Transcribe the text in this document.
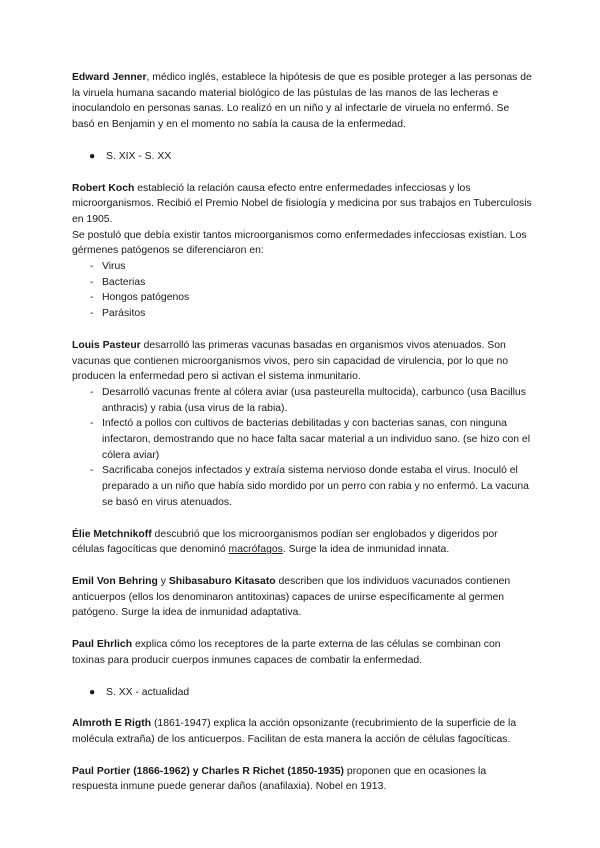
Edward Jenner, médico inglés, establece la hipótesis de que es posible proteger a las personas de la viruela humana sacando material biológico de las pústulas de las manos de las lecheras e inoculandolo en personas sanas. Lo realizó en un niño y al infectarle de viruela no enfermó. Se basó en Benjamin y en el momento no sabía la causa de la enfermedad.

●	S. XIX - S. XX

Robert Koch estableció la relación causa efecto entre enfermedades infecciosas y los microorganismos. Recibió el Premio Nobel de fisiología y medicina por sus trabajos en Tuberculosis en 1905.

Se postuló que debía existir tantos microorganismos como enfermedades infecciosas existían. Los gérmenes patógenos se diferenciaron en:

- Virus
- Bacterias
- Hongos patógenos
- Parásitos

Louis Pasteur desarrolló las primeras vacunas basadas en organismos vivos atenuados. Son vacunas que contienen microorganismos vivos, pero sin capacidad de virulencia, por lo que no producen la enfermedad pero si activan el sistema inmunitario.

- Desarrolló vacunas frente al cólera aviar (usa pasteurella multocida), carbunco (usa Bacillus anthracis) y rabia (usa virus de la rabia).
- Infectó a pollos con cultivos de bacterias debilitadas y con bacterias sanas, con ninguna infectaron, demostrando que no hace falta sacar material a un individuo sano. (se hizo con el cólera aviar)
- Sacrificaba conejos infectados y extraía sistema nervioso donde estaba el virus. Inoculó el preparado a un niño que había sido mordido por un perro con rabia y no enfermó. La vacuna se basó en virus atenuados.

Élie Metchnikoff descubrió que los microorganismos podían ser englobados y digeridos por células fagocíticas que denominó macrófagos. Surge la idea de inmunidad innata.

Emil Von Behring y Shibasaburo Kitasato describen que los individuos vacunados contienen anticuerpos (ellos los denominaron antitoxinas) capaces de unirse específicamente al germen patógeno. Surge la idea de inmunidad adaptativa.

Paul Ehrlich explica cómo los receptores de la parte externa de las células se combinan con toxinas para producir cuerpos inmunes capaces de combatir la enfermedad.

●	S. XX - actualidad

Almroth E Rigth (1861-1947) explica la acción opsonizante (recubrimiento de la superficie de la molécula extraña) de los anticuerpos. Facilitan de esta manera la acción de células fagocíticas.

Paul Portier (1866-1962) y Charles R Richet (1850-1935) proponen que en ocasiones la respuesta inmune puede generar daños (anafilaxia). Nobel en 1913.
